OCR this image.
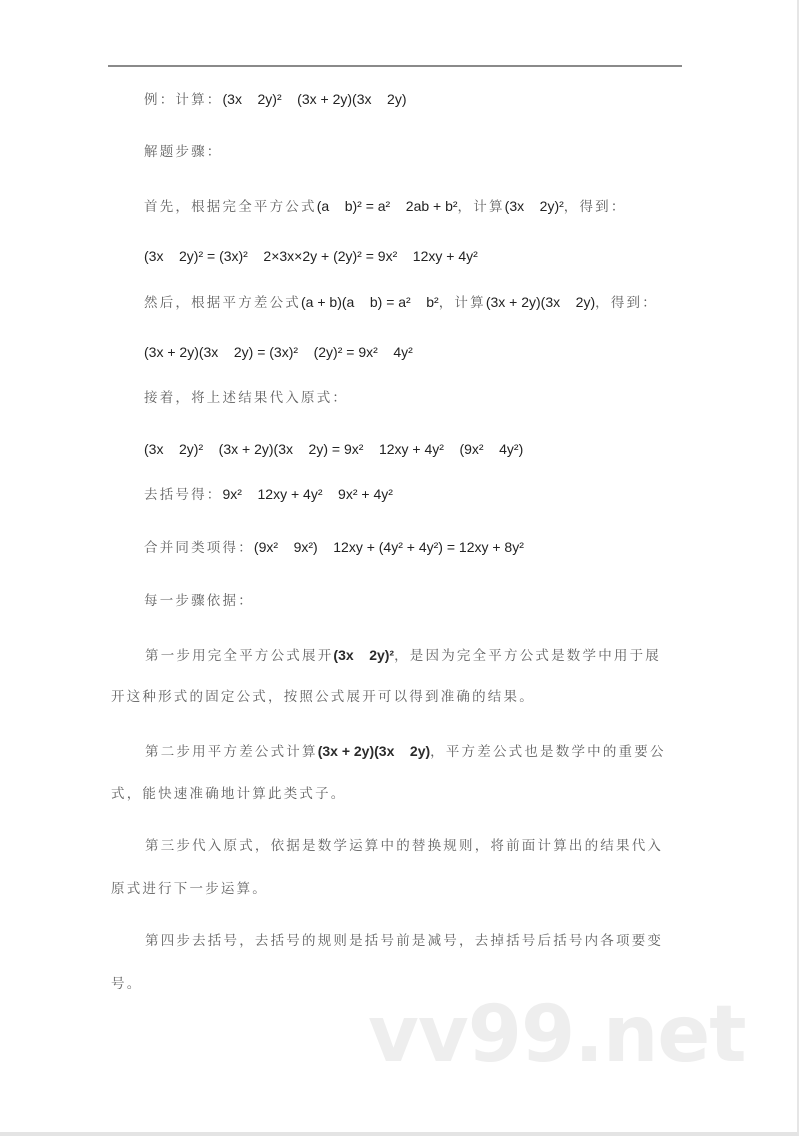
例：计算：(3x    2y)²    (3x + 2y)(3x    2y)
解题步骤：
首先，根据完全平方公式(a    b)² = a²    2ab + b²，计算(3x    2y)²，得到：
(3x    2y)² = (3x)²    2×3x×2y + (2y)² = 9x²    12xy + 4y²
然后，根据平方差公式(a + b)(a    b) = a²    b²，计算(3x + 2y)(3x    2y)，得到：
(3x + 2y)(3x    2y) = (3x)²    (2y)² = 9x²    4y²
接着，将上述结果代入原式：
(3x    2y)²    (3x + 2y)(3x    2y) = 9x²    12xy + 4y²    (9x²    4y²)
去括号得：9x²    12xy + 4y²    9x² + 4y²
合并同类项得：(9x²    9x²)    12xy + (4y² + 4y²) = 12xy + 8y²
每一步骤依据：
第一步用完全平方公式展开(3x    2y)²，是因为完全平方公式是数学中用于展
开这种形式的固定公式，按照公式展开可以得到准确的结果。
第二步用平方差公式计算(3x + 2y)(3x    2y)，平方差公式也是数学中的重要公
式，能快速准确地计算此类式子。
第三步代入原式，依据是数学运算中的替换规则，将前面计算出的结果代入
原式进行下一步运算。
第四步去括号，去括号的规则是括号前是减号，去掉括号后括号内各项要变
号。
vv99.net
